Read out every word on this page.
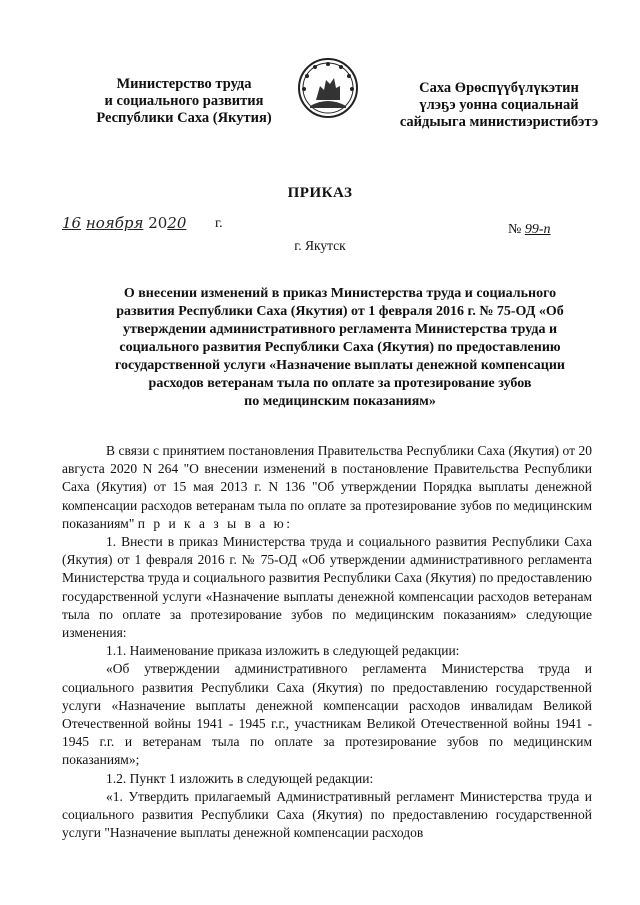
Министерство труда
и социального развития
Республики Саха (Якутия)
Саха Өрөспүүбүлүкэтин
үлэҕэ уонна социальнай
сайдыыга министиэристибэтэ
ПРИКАЗ
16 ноября 2020 г.	№ 99-п
г. Якутск
О внесении изменений в приказ Министерства труда и социального
развития Республики Саха (Якутия) от 1 февраля 2016 г. № 75-ОД «Об
утверждении административного регламента Министерства труда и
социального развития Республики Саха (Якутия) по предоставлению
государственной услуги «Назначение выплаты денежной компенсации
расходов ветеранам тыла по оплате за протезирование зубов
по медицинским показаниям»

В связи с принятием постановления Правительства Республики Саха (Якутия) от 20 августа 2020 N 264 "О внесении изменений в постановление Правительства Республики Саха (Якутия) от 15 мая 2013 г. N 136 "Об утверждении Порядка выплаты денежной компенсации расходов ветеранам тыла по оплате за протезирование зубов по медицинским показаниям" п р и к а з ы в а ю:

1. Внести в приказ Министерства труда и социального развития Республики Саха (Якутия) от 1 февраля 2016 г. № 75-ОД «Об утверждении административного регламента Министерства труда и социального развития Республики Саха (Якутия) по предоставлению государственной услуги «Назначение выплаты денежной компенсации расходов ветеранам тыла по оплате за протезирование зубов по медицинским показаниям» следующие изменения:

1.1. Наименование приказа изложить в следующей редакции:

«Об утверждении административного регламента Министерства труда и социального развития Республики Саха (Якутия) по предоставлению государственной услуги «Назначение выплаты денежной компенсации расходов инвалидам Великой Отечественной войны 1941 - 1945 г.г., участникам Великой Отечественной войны 1941 - 1945 г.г. и ветеранам тыла по оплате за протезирование зубов по медицинским показаниям»;

1.2. Пункт 1 изложить в следующей редакции:

«1. Утвердить прилагаемый Административный регламент Министерства труда и социального развития Республики Саха (Якутия) по предоставлению государственной услуги "Назначение выплаты денежной компенсации расходов
